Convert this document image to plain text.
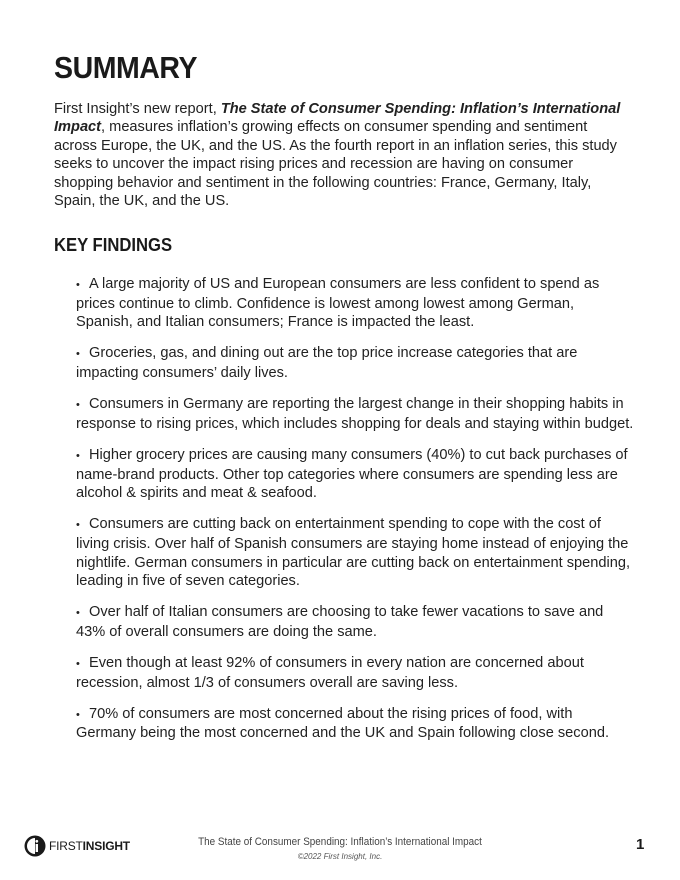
SUMMARY

First Insight’s new report, The State of Consumer Spending: Inflation’s International Impact, measures inflation’s growing effects on consumer spending and sentiment across Europe, the UK, and the US. As the fourth report in an inflation series, this study seeks to uncover the impact rising prices and recession are having on consumer shopping behavior and sentiment in the following countries: France, Germany, Italy, Spain, the UK, and the US.

KEY FINDINGS
• A large majority of US and European consumers are less confident to spend as prices continue to climb. Confidence is lowest among lowest among German, Spanish, and Italian consumers; France is impacted the least.
• Groceries, gas, and dining out are the top price increase categories that are impacting consumers’ daily lives.
• Consumers in Germany are reporting the largest change in their shopping habits in response to rising prices, which includes shopping for deals and staying within budget.
• Higher grocery prices are causing many consumers (40%) to cut back purchases of name-brand products. Other top categories where consumers are spending less are alcohol & spirits and meat & seafood.
• Consumers are cutting back on entertainment spending to cope with the cost of living crisis. Over half of Spanish consumers are staying home instead of enjoying the nightlife. German consumers in particular are cutting back on entertainment spending, leading in five of seven categories.
• Over half of Italian consumers are choosing to take fewer vacations to save and 43% of overall consumers are doing the same.
• Even though at least 92% of consumers in every nation are concerned about recession, almost 1/3 of consumers overall are saving less.
• 70% of consumers are most concerned about the rising prices of food, with Germany being the most concerned and the UK and Spain following close second.
FIRSTINSIGHT	The State of Consumer Spending: Inflation’s International Impact
©2022 First Insight, Inc.
1
